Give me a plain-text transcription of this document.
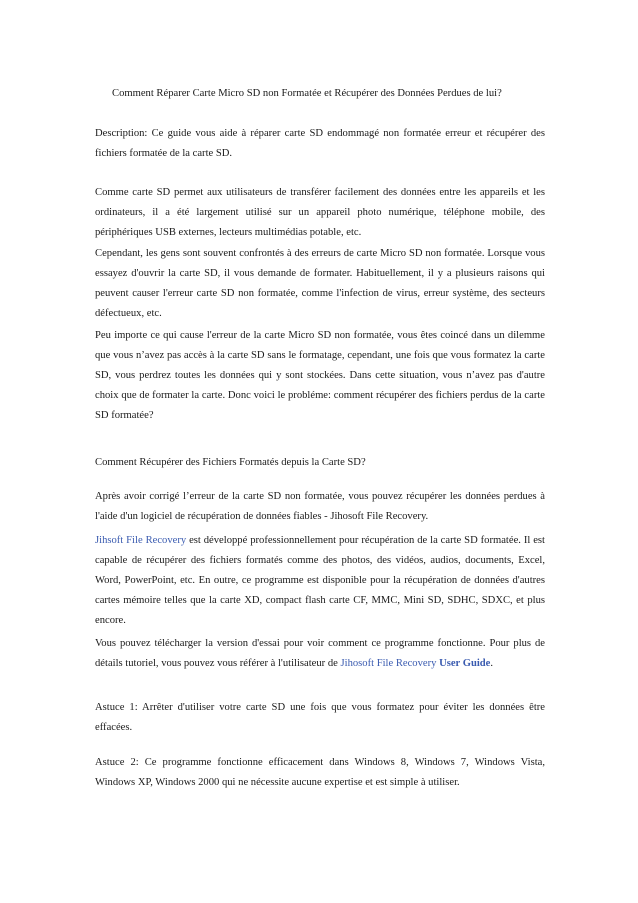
Comment Réparer Carte Micro SD non Formatée et Récupérer des Données Perdues de lui?

Description: Ce guide vous aide à réparer carte SD endommagé non formatée erreur et récupérer des fichiers formatée de la carte SD.

Comme carte SD permet aux utilisateurs de transférer facilement des données entre les appareils et les ordinateurs, il a été largement utilisé sur un appareil photo numérique, téléphone mobile, des périphériques USB externes, lecteurs multimédias potable, etc.

Cependant, les gens sont souvent confrontés à des erreurs de carte Micro SD non formatée. Lorsque vous essayez d'ouvrir la carte SD, il vous demande de formater. Habituellement, il y a plusieurs raisons qui peuvent causer l'erreur carte SD non formatée, comme l'infection de virus, erreur système, des secteurs défectueux, etc.

Peu importe ce qui cause l'erreur de la carte Micro SD non formatée, vous êtes coincé dans un dilemme que vous n’avez pas accès à la carte SD sans le formatage, cependant, une fois que vous formatez la carte SD, vous perdrez toutes les données qui y sont stockées. Dans cette situation, vous n’avez pas d'autre choix que de formater la carte. Donc voici le probléme: comment récupérer des fichiers perdus de la carte SD formatée?

Comment Récupérer des Fichiers Formatés depuis la Carte SD?

Après avoir corrigé l’erreur de la carte SD non formatée, vous pouvez récupérer les données perdues à l'aide d'un logiciel de récupération de données fiables - Jihosoft File Recovery.

Jihsoft File Recovery est développé professionnellement pour récupération de la carte SD formatée. Il est capable de récupérer des fichiers formatés comme des photos, des vidéos, audios, documents, Excel, Word, PowerPoint, etc. En outre, ce programme est disponible pour la récupération de données d'autres cartes mémoire telles que la carte XD, compact flash carte CF, MMC, Mini SD, SDHC, SDXC, et plus encore.

Vous pouvez télécharger la version d'essai pour voir comment ce programme fonctionne. Pour plus de détails tutoriel, vous pouvez vous référer à l'utilisateur de Jihosoft File Recovery User Guide.

Astuce 1: Arrêter d'utiliser votre carte SD une fois que vous formatez pour éviter les données être effacées.

Astuce 2: Ce programme fonctionne efficacement dans Windows 8, Windows 7, Windows Vista, Windows XP, Windows 2000 qui ne nécessite aucune expertise et est simple à utiliser.
